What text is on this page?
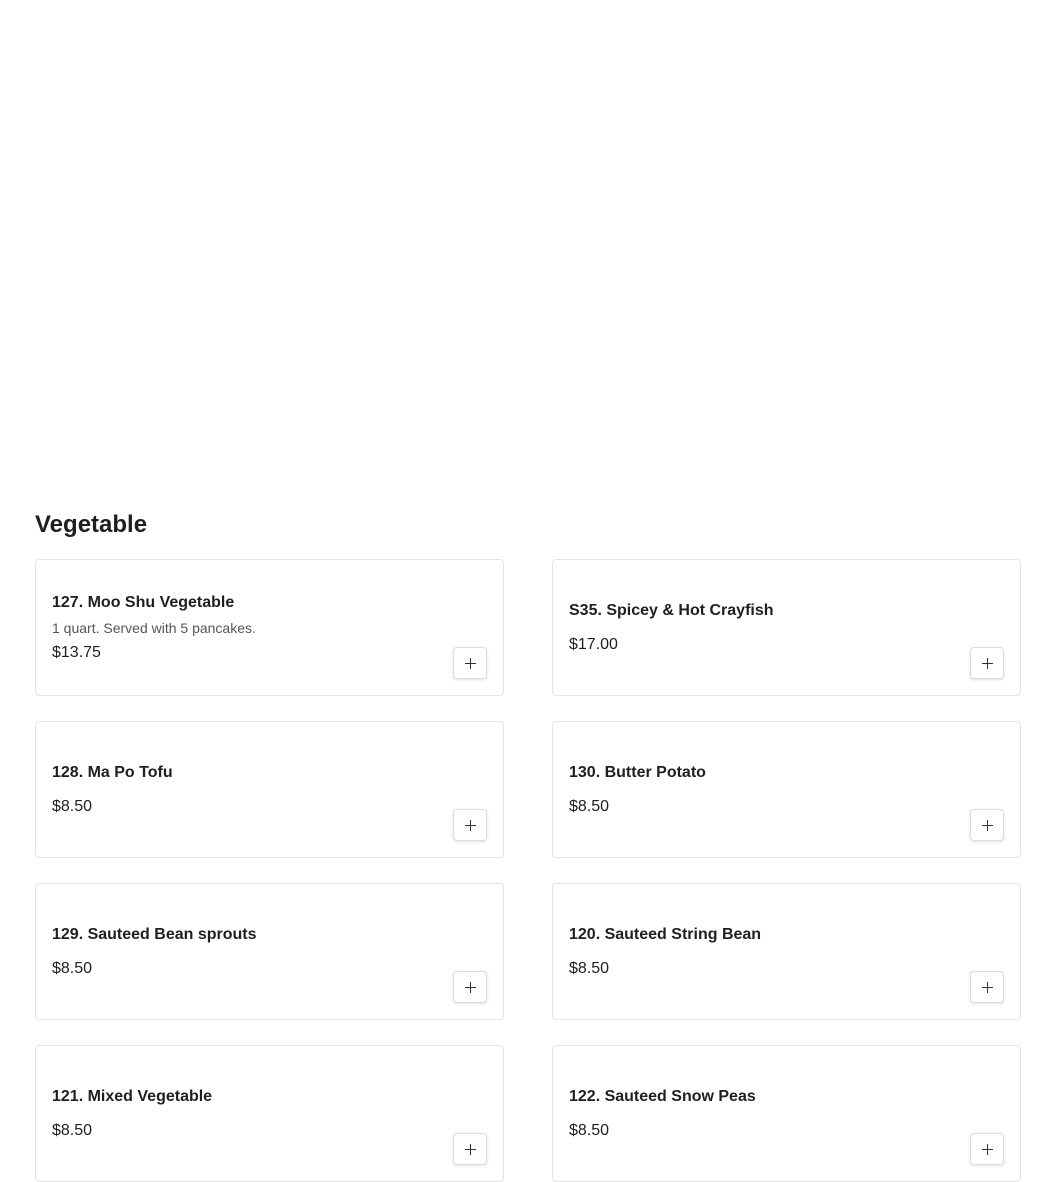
Vegetable
127. Moo Shu Vegetable
1 quart. Served with 5 pancakes.
$13.75
S35. Spicey & Hot Crayfish
$17.00
128. Ma Po Tofu
$8.50
130. Butter Potato
$8.50
129. Sauteed Bean sprouts
$8.50
120. Sauteed String Bean
$8.50
121. Mixed Vegetable
$8.50
122. Sauteed Snow Peas
$8.50
